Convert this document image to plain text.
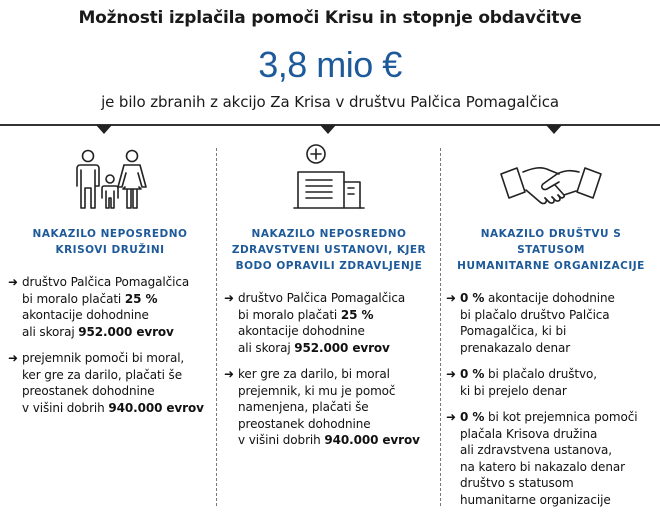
Možnosti izplačila pomoči Krisu in stopnje obdavčitve
3,8 mio €
je bilo zbranih z akcijo Za Krisa v društvu Palčica Pomagalčica
NAKAZILO NEPOSREDNO
KRISOVI DRUŽINI
➜ društvo Palčica Pomagalčica
bi moralo plačati 25 %
akontacije dohodnine
ali skoraj 952.000 evrov
➜ prejemnik pomoči bi moral,
ker gre za darilo, plačati še
preostanek dohodnine
v višini dobrih 940.000 evrov
NAKAZILO NEPOSREDNO
ZDRAVSTVENI USTANOVI, KJER
BODO OPRAVILI ZDRAVLJENJE
➜ društvo Palčica Pomagalčica
bi moralo plačati 25 %
akontacije dohodnine
ali skoraj 952.000 evrov
➜ ker gre za darilo, bi moral
prejemnik, ki mu je pomoč
namenjena, plačati še
preostanek dohodnine
v višini dobrih 940.000 evrov
NAKAZILO DRUŠTVU S STATUSOM
HUMANITARNE ORGANIZACIJE
➜ 0 % akontacije dohodnine
bi plačalo društvo Palčica
Pomagalčica, ki bi
prenakazalo denar
➜ 0 % bi plačalo društvo,
ki bi prejelo denar
➜ 0 % bi kot prejemnica pomoči
plačala Krisova družina
ali zdravstvena ustanova,
na katero bi nakazalo denar
društvo s statusom
humanitarne organizacije
